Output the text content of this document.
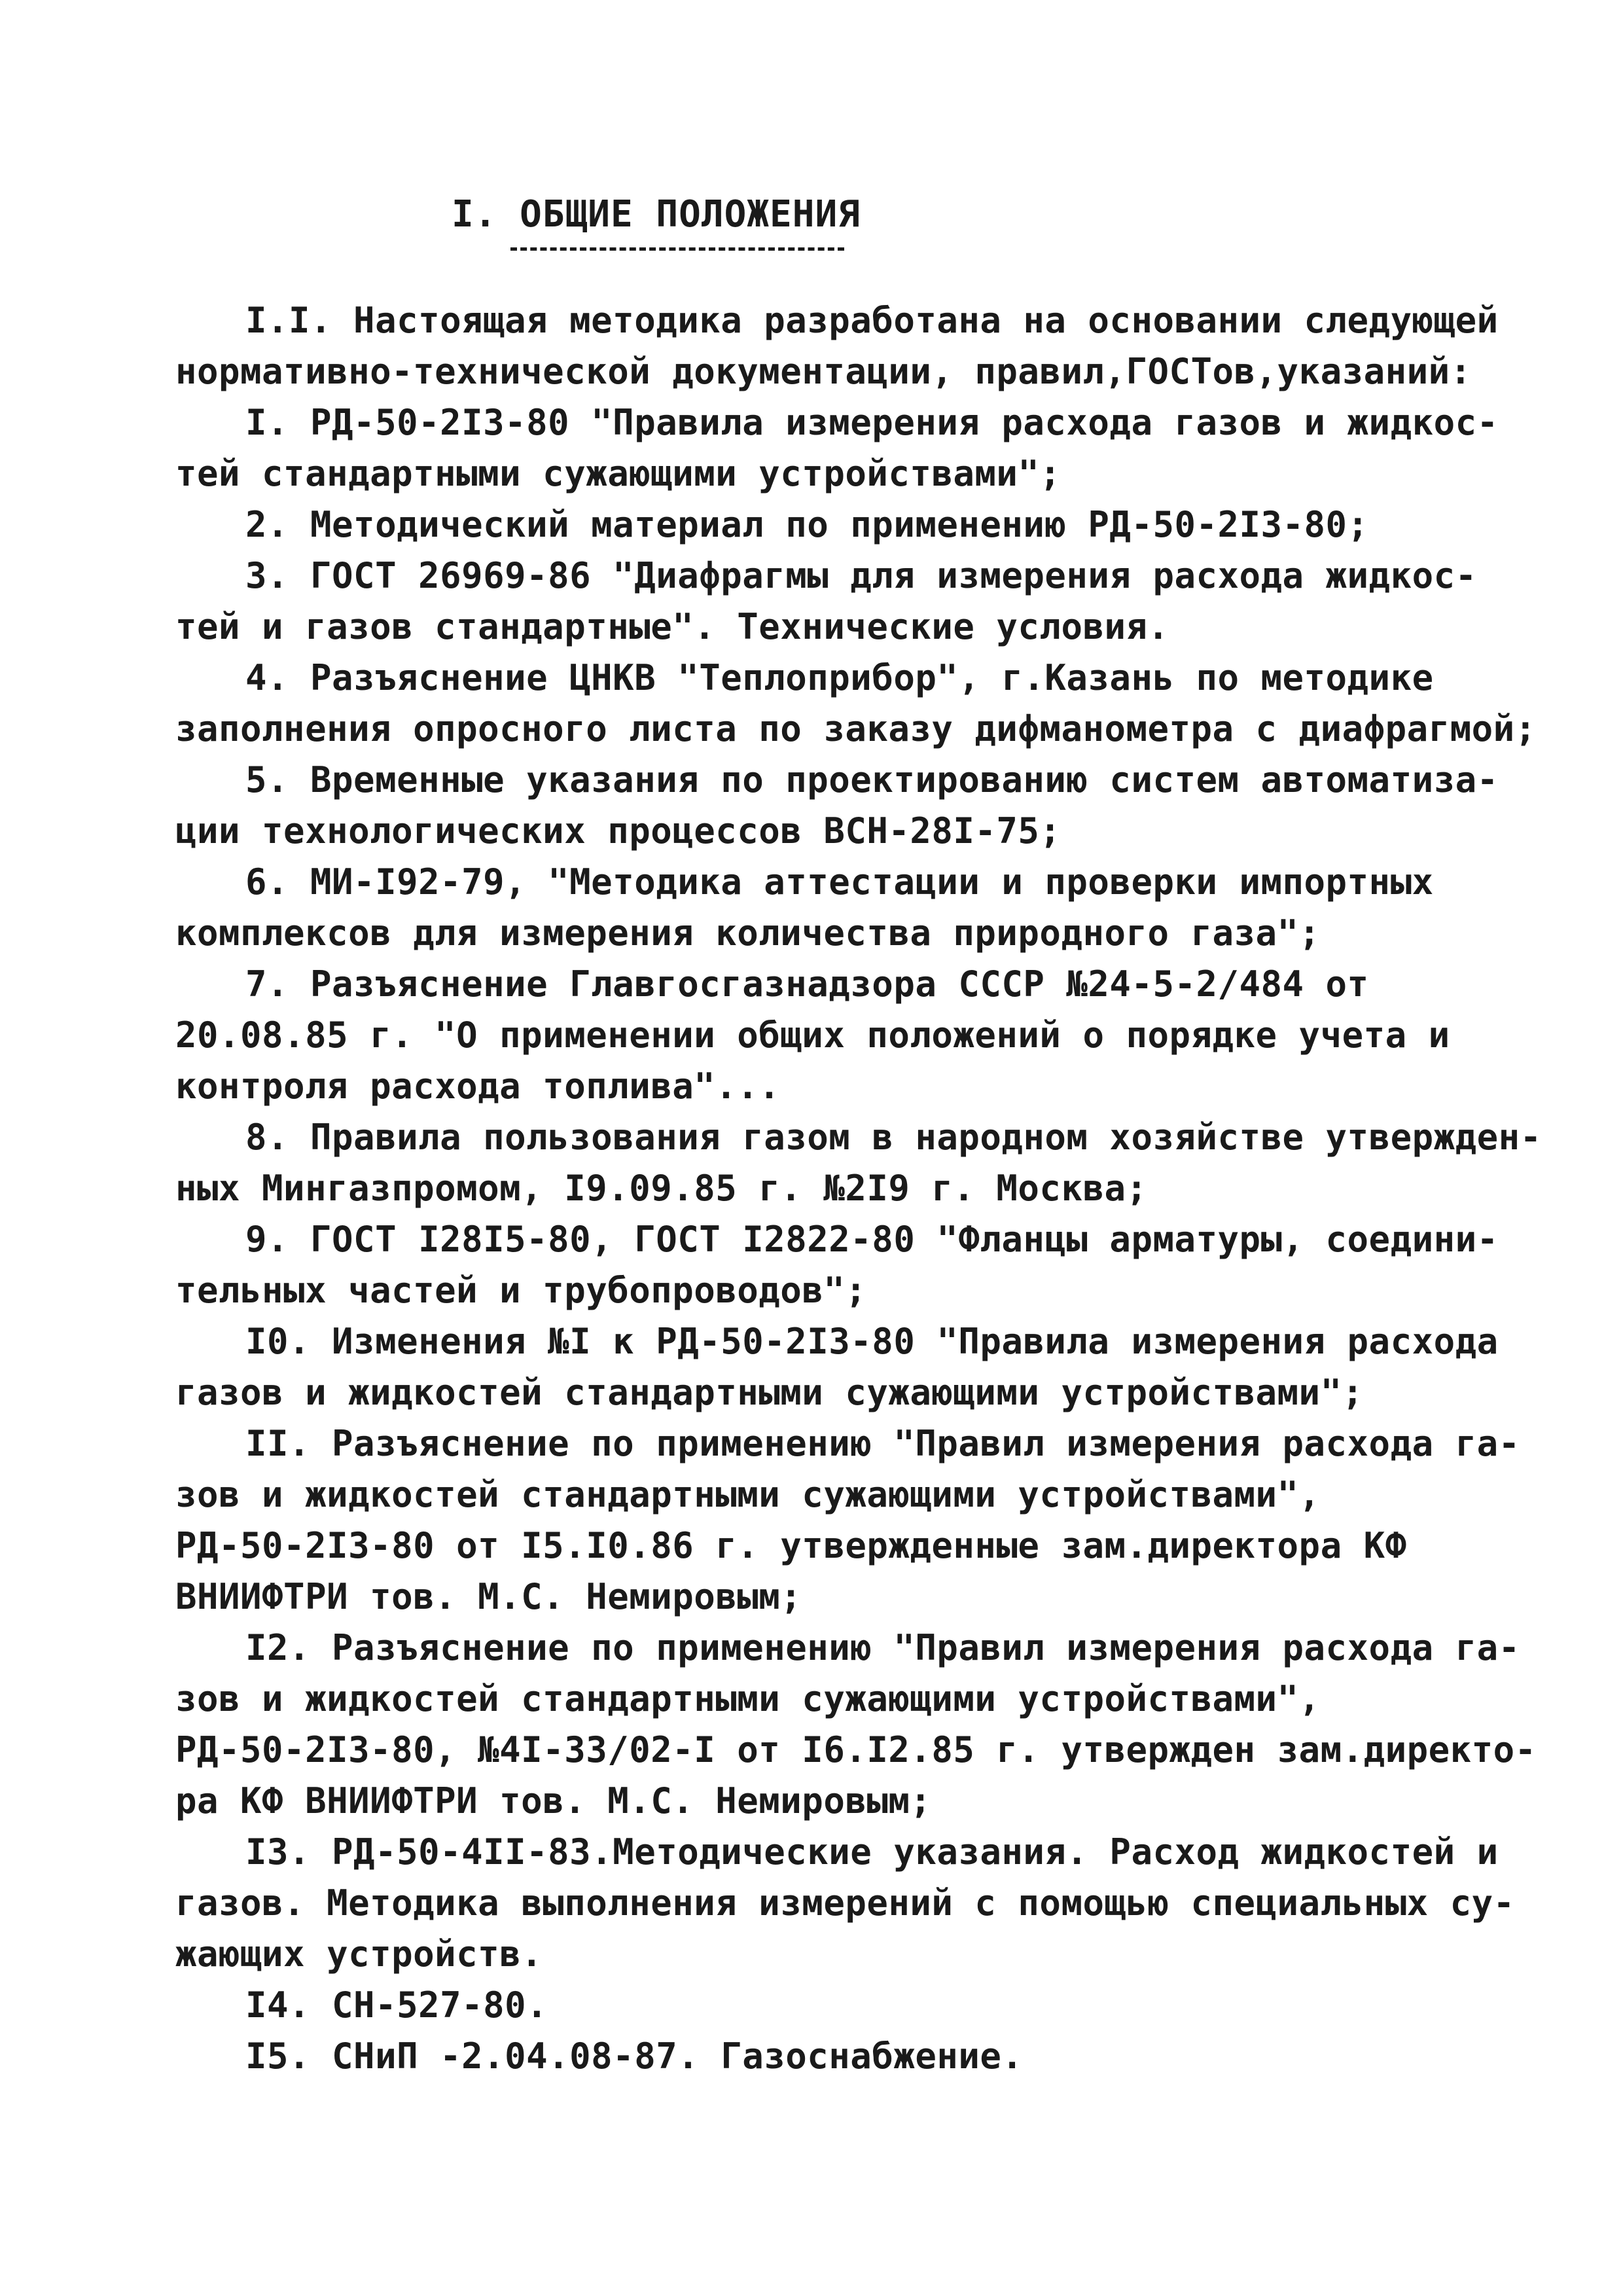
I. ОБЩИЕ ПОЛОЖЕНИЯ
I.I. Настоящая методика разработана на основании следующей
нормативно-технической документации, правил,ГОСТов,указаний:
I. РД-50-2I3-80 "Правила измерения расхода газов и жидкос-
тей стандартными сужающими устройствами";
2. Методический материал по применению РД-50-2I3-80;
3. ГОСТ 26969-86 "Диафрагмы для измерения расхода жидкос-
тей и газов стандартные". Технические условия.
4. Разъяснение ЦНКВ "Теплоприбор", г.Казань по методике
заполнения опросного листа по заказу дифманометра с диафрагмой;
5. Временные указания по проектированию систем автоматиза-
ции технологических процессов ВСН-28I-75;
6. МИ-I92-79, "Методика аттестации и проверки импортных
комплексов для измерения количества природного газа";
7. Разъяснение Главгосгазнадзора СССР №24-5-2/484 от
20.08.85 г. "О применении общих положений о порядке учета и
контроля расхода топлива"...
8. Правила пользования газом в народном хозяйстве утвержден-
ных Мингазпромом, I9.09.85 г. №2I9 г. Москва;
9. ГОСТ I28I5-80, ГОСТ I2822-80 "Фланцы арматуры, соедини-
тельных частей и трубопроводов";
I0. Изменения №I к РД-50-2I3-80 "Правила измерения расхода
газов и жидкостей стандартными сужающими устройствами";
II. Разъяснение по применению "Правил измерения расхода га-
зов и жидкостей стандартными сужающими устройствами",
РД-50-2I3-80 от I5.I0.86 г. утвержденные зам.директора КФ
ВНИИФТРИ тов. М.С. Немировым;
I2. Разъяснение по применению "Правил измерения расхода га-
зов и жидкостей стандартными сужающими устройствами",
РД-50-2I3-80, №4I-33/02-I от I6.I2.85 г. утвержден зам.директо-
ра КФ ВНИИФТРИ тов. М.С. Немировым;
I3. РД-50-4II-83.Методические указания. Расход жидкостей и
газов. Методика выполнения измерений с помощью специальных су-
жающих устройств.
I4. СН-527-80.
I5. СНиП -2.04.08-87. Газоснабжение.
